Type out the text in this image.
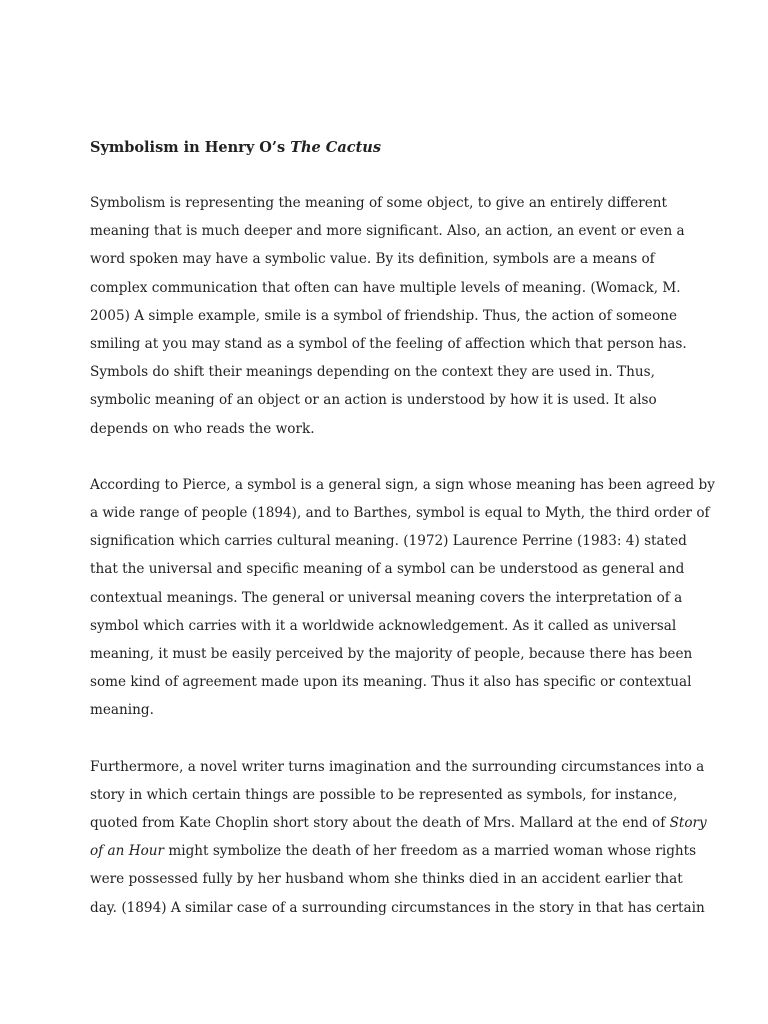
Symbolism in Henry O’s The Cactus

Symbolism is representing the meaning of some object, to give an entirely different
meaning that is much deeper and more significant. Also, an action, an event or even a
word spoken may have a symbolic value. By its definition, symbols are a means of
complex communication that often can have multiple levels of meaning. (Womack, M.
2005) A simple example, smile is a symbol of friendship. Thus, the action of someone
smiling at you may stand as a symbol of the feeling of affection which that person has.
Symbols do shift their meanings depending on the context they are used in. Thus,
symbolic meaning of an object or an action is understood by how it is used. It also
depends on who reads the work.

According to Pierce, a symbol is a general sign, a sign whose meaning has been agreed by
a wide range of people (1894), and to Barthes, symbol is equal to Myth, the third order of
signification which carries cultural meaning. (1972) Laurence Perrine (1983: 4) stated
that the universal and specific meaning of a symbol can be understood as general and
contextual meanings. The general or universal meaning covers the interpretation of a
symbol which carries with it a worldwide acknowledgement. As it called as universal
meaning, it must be easily perceived by the majority of people, because there has been
some kind of agreement made upon its meaning. Thus it also has specific or contextual
meaning.

Furthermore, a novel writer turns imagination and the surrounding circumstances into a
story in which certain things are possible to be represented as symbols, for instance,
quoted from Kate Choplin short story about the death of Mrs. Mallard at the end of Story
of an Hour might symbolize the death of her freedom as a married woman whose rights
were possessed fully by her husband whom she thinks died in an accident earlier that
day. (1894) A similar case of a surrounding circumstances in the story in that has certain
